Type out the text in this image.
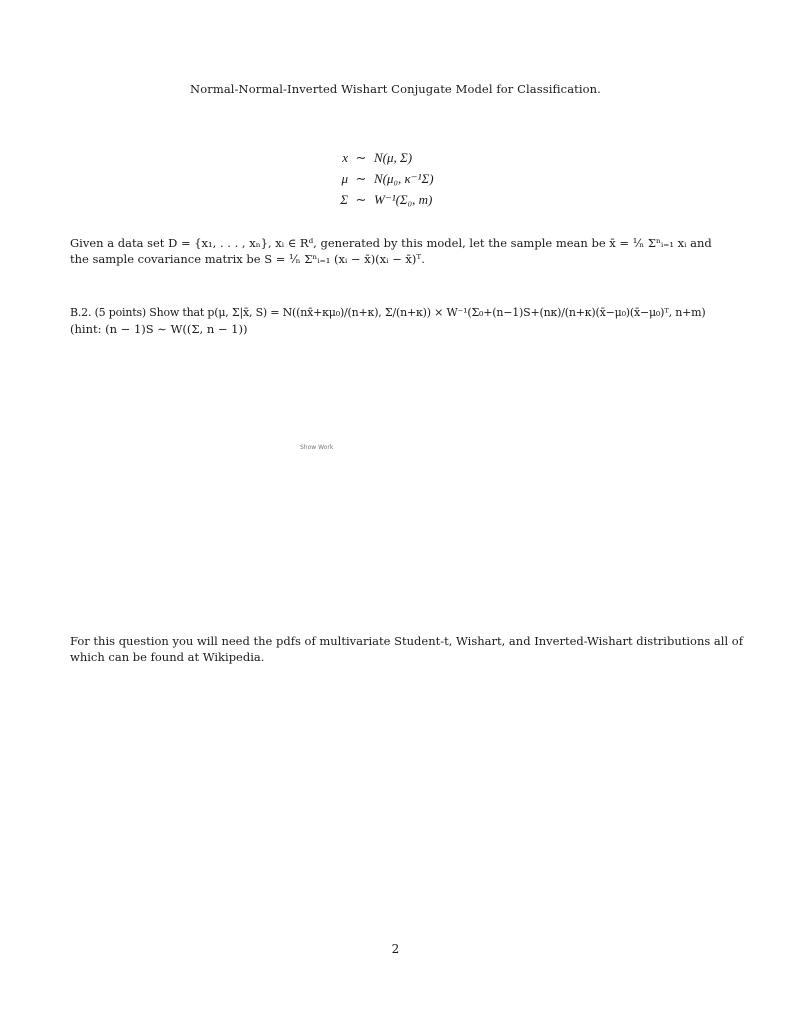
Normal-Normal-Inverted Wishart Conjugate Model for Classification.
x ∼ N(μ, Σ)
μ ∼ N(μ₀, κ⁻¹Σ)
Σ ∼ W⁻¹(Σ₀, m)
Given a data set D = {x₁, . . . , xₙ}, xᵢ ∈ Rᵈ, generated by this model, let the sample mean be x̄ = ¹⁄ₙ Σⁿᵢ₌₁ xᵢ and
the sample covariance matrix be S = ¹⁄ₙ Σⁿᵢ₌₁ (xᵢ − x̄)(xᵢ − x̄)ᵀ.
B.2. (5 points) Show that p(μ, Σ|x̄, S) = N((nx̄+κμ₀)/(n+κ), Σ/(n+κ)) × W⁻¹(Σ₀+(n−1)S+(nκ)/(n+κ)(x̄−μ₀)(x̄−μ₀)ᵀ, n+m)
(hint: (n − 1)S ∼ W((Σ, n − 1))
Show Work
For this question you will need the pdfs of multivariate Student-t, Wishart, and Inverted-Wishart distributions all of
which can be found at Wikipedia.
2
